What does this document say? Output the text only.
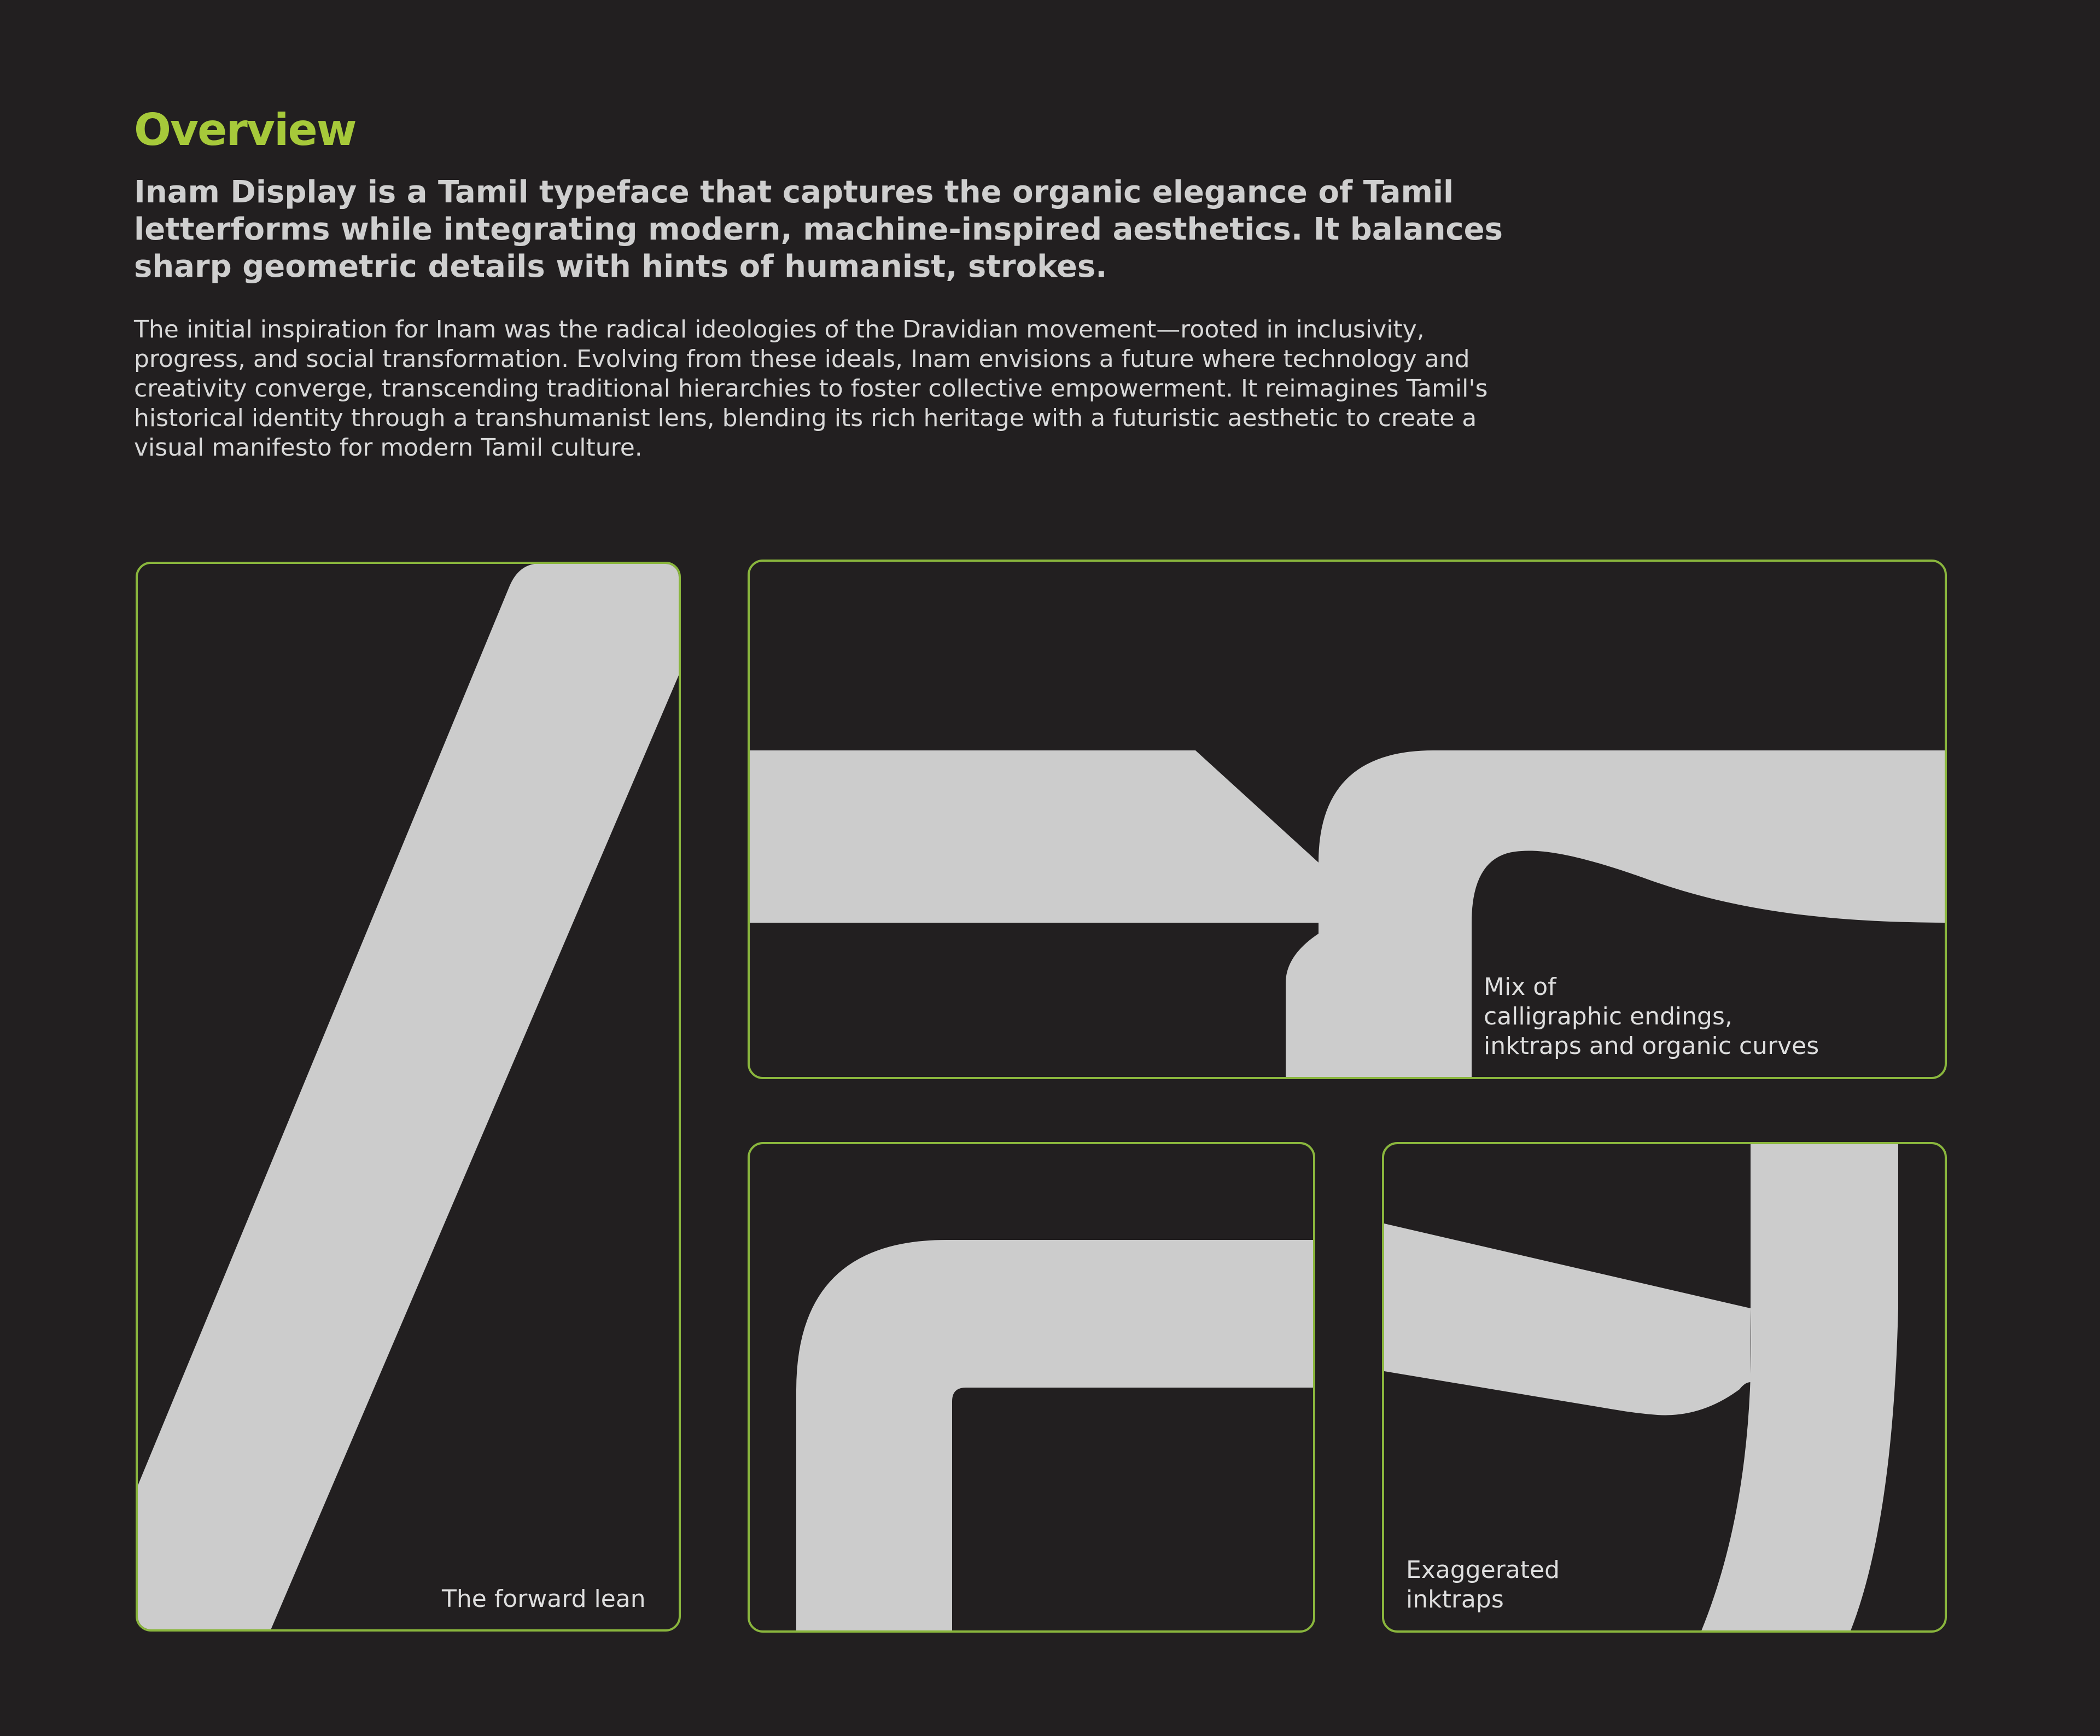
Overview

Inam Display is a Tamil typeface that captures the organic elegance of Tamil letterforms while integrating modern, machine-inspired aesthetics. It balances sharp geometric details with hints of humanist, strokes.

The initial inspiration for Inam was the radical ideologies of the Dravidian movement—rooted in inclusivity, progress, and social transformation. Evolving from these ideals, Inam envisions a future where technology and creativity converge, transcending traditional hierarchies to foster collective empowerment. It reimagines Tamil's historical identity through a transhumanist lens, blending its rich heritage with a futuristic aesthetic to create a visual manifesto for modern Tamil culture.

The forward lean
Mix of
calligraphic endings,
inktraps and organic curves
Exaggerated
inktraps
